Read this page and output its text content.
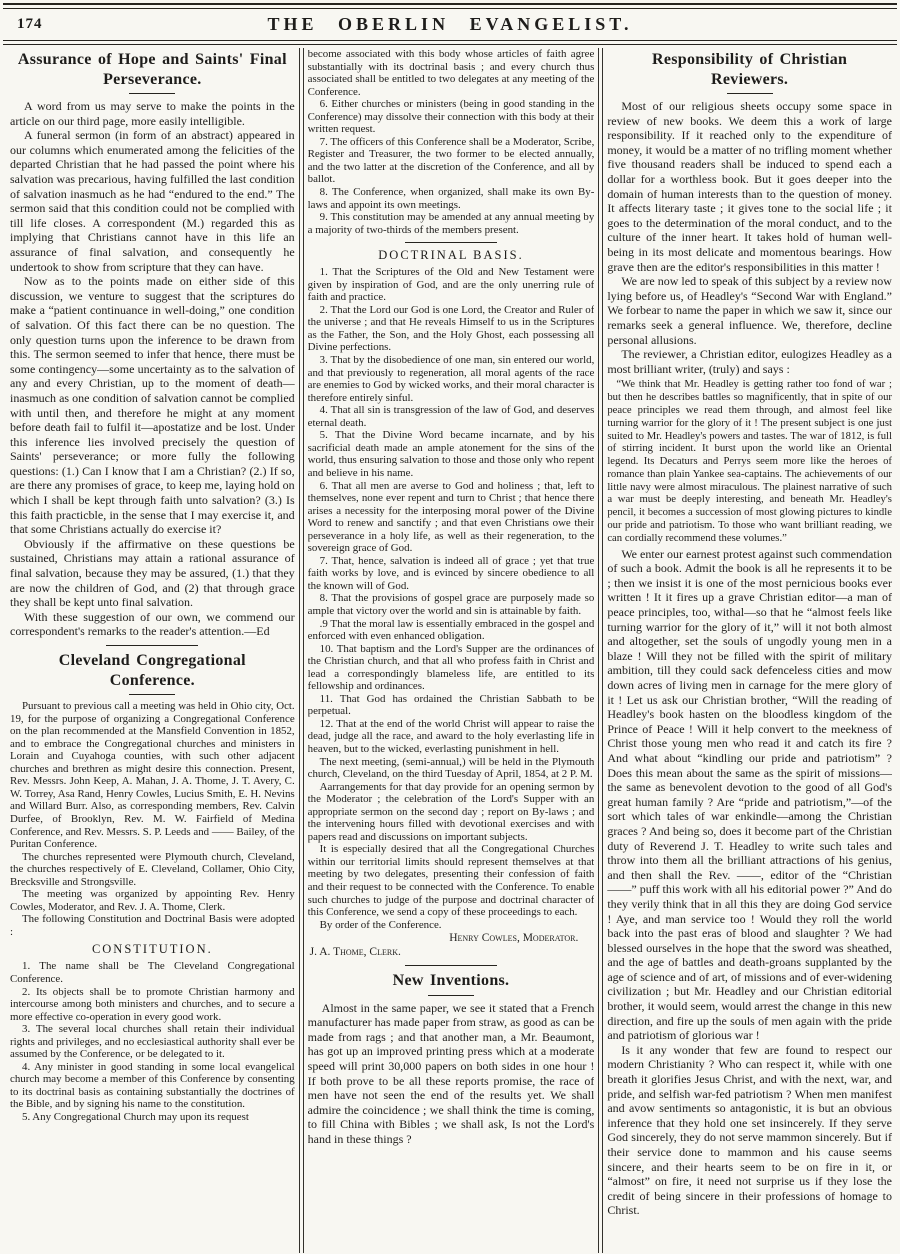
174	THE OBERLIN EVANGELIST.
Assurance of Hope and Saints' Final Perseverance.

A word from us may serve to make the points in the article on our third page, more easily intelligible.

A funeral sermon (in form of an abstract) appeared in our columns which enumerated among the felicities of the departed Christian that he had passed the point where his salvation was precarious, having fulfilled the last condition of salvation inasmuch as he had “endured to the end.” The sermon said that this condition could not be complied with till life closes. A correspondent (M.) regarded this as implying that Christians cannot have in this life an assurance of final salvation, and consequently he undertook to show from scripture that they can have.

Now as to the points made on either side of this discussion, we venture to suggest that the scriptures do make a “patient continuance in well-doing,” one condition of salvation. Of this fact there can be no question. The only question turns upon the inference to be drawn from this. The sermon seemed to infer that hence, there must be some contingency—some uncertainty as to the salvation of any and every Christian, up to the moment of death—inasmuch as one condition of salvation cannot be complied with until then, and therefore he might at any moment before death fail to fulfil it—apostatize and be lost. Under this inference lies involved precisely the question of Saints' perseverance; or more fully the following questions: (1.) Can I know that I am a Christian? (2.) If so, are there any promises of grace, to keep me, laying hold on which I shall be kept through faith unto salvation? (3.) Is this faith practicble, in the sense that I may exercise it, and that some Christians actually do exercise it?

Obviously if the affirmative on these questions be sustained, Christians may attain a rational assurance of final salvation, because they may be assured, (1.) that they are now the children of God, and (2) that through grace they shall be kept unto final salvation.

With these suggestion of our own, we commend our correspondent's remarks to the reader's attention.—Ed

Cleveland Congregational Conference.

Pursuant to previous call a meeting was held in Ohio city, Oct. 19, for the purpose of organizing a Congregational Conference on the plan recommended at the Mansfield Convention in 1852, and to embrace the Congregational churches and ministers in Lorain and Cuyahoga counties, with such other adjacent churches and brethren as might desire this connection. Present, Rev. Messrs. John Keep, A. Mahan, J. A. Thome, J. T. Avery, C. W. Torrey, Asa Rand, Henry Cowles, Lucius Smith, E. H. Nevins and Willard Burr. Also, as corresponding members, Rev. Calvin Durfee, of Brooklyn, Rev. M. W. Fairfield of Medina Conference, and Rev. Messrs. S. P. Leeds and —— Bailey, of the Puritan Conference.

The churches represented were Plymouth church, Cleveland, the churches respectively of E. Cleveland, Collamer, Ohio City, Brecksville and Strongsville.

The meeting was organized by appointing Rev. Henry Cowles, Moderator, and Rev. J. A. Thome, Clerk.

The following Constitution and Doctrinal Basis were adopted :

CONSTITUTION.

1. The name shall be The Cleveland Congregational Conference.

2. Its objects shall be to promote Christian harmony and intercourse among both ministers and churches, and to secure a more effective co-operation in every good work.

3. The several local churches shall retain their individual rights and privileges, and no ecclesiastical authority shall ever be assumed by the Conference, or be delegated to it.

4. Any minister in good standing in some local evangelical church may become a member of this Conference by consenting to its doctrinal basis as containing substantially the doctrines of the Bible, and by signing his name to the constitution.

5. Any Congregational Church may upon its request

become associated with this body whose articles of faith agree substantially with its doctrinal basis ; and every church thus associated shall be entitled to two delegates at any meeting of the Conference.

6. Either churches or ministers (being in good standing in the Conference) may dissolve their connection with this body at their written request.

7. The officers of this Conference shall be a Moderator, Scribe, Register and Treasurer, the two former to be elected annually, and the two latter at the discretion of the Conference, and all by ballot.

8. The Conference, when organized, shall make its own By-laws and appoint its own meetings.

9. This constitution may be amended at any annual meeting by a majority of two-thirds of the members present.

DOCTRINAL BASIS.

1. That the Scriptures of the Old and New Testament were given by inspiration of God, and are the only unerring rule of faith and practice.

2. That the Lord our God is one Lord, the Creator and Ruler of the universe ; and that He reveals Himself to us in the Scriptures as the Father, the Son, and the Holy Ghost, each possessing all Divine perfections.

3. That by the disobedience of one man, sin entered our world, and that previously to regeneration, all moral agents of the race are enemies to God by wicked works, and their moral character is therefore entirely sinful.

4. That all sin is transgression of the law of God, and deserves eternal death.

5. That the Divine Word became incarnate, and by his sacrificial death made an ample atonement for the sins of the world, thus ensuring salvation to those and those only who repent and believe in his name.

6. That all men are averse to God and holiness ; that, left to themselves, none ever repent and turn to Christ ; that hence there arises a necessity for the interposing moral power of the Divine Word to renew and sanctify ; and that even Christians owe their perseverance in a holy life, as well as their regeneration, to the sovereign grace of God.

7. That, hence, salvation is indeed all of grace ; yet that true faith works by love, and is evinced by sincere obedience to all the known will of God.

8. That the provisions of gospel grace are purposely made so ample that victory over the world and sin is attainable by faith.

.9 That the moral law is essentially embraced in the gospel and enforced with even enhanced obligation.

10. That baptism and the Lord's Supper are the ordinances of the Christian church, and that all who profess faith in Christ and lead a correspondingly blameless life, are entitled to its fellowship and ordinances.

11. That God has ordained the Christian Sabbath to be perpetual.

12. That at the end of the world Christ will appear to raise the dead, judge all the race, and award to the holy everlasting life in heaven, but to the wicked, everlasting punishment in hell.

The next meeting, (semi-annual,) will be held in the Plymouth church, Cleveland, on the third Tuesday of April, 1854, at 2 P. M.

Aarrangements for that day provide for an opening sermon by the Moderator ; the celebration of the Lord's Supper with an appropriate sermon on the second day ; report on By-laws ; and the intervening hours filled with devotional exercises and with papers read and discussions on important subjects.

It is especially desired that all the Congregational Churches within our territorial limits should represent themselves at that meeting by two delegates, presenting their confession of faith and their request to be connected with the Conference. To enable such churches to judge of the purpose and doctrinal character of this Conference, we send a copy of these proceedings to each.

By order of the Conference.

Henry Cowles, Moderator.

J. A. Thome, Clerk.

New Inventions.

Almost in the same paper, we see it stated that a French manufacturer has made paper from straw, as good as can be made from rags ; and that another man, a Mr. Beaumont, has got up an improved printing press which at a moderate speed will print 30,000 papers on both sides in one hour ! If both prove to be all these reports promise, the race of men have not seen the end of the results yet. We shall admire the coincidence ; we shall think the time is coming, to fill China with Bibles ; we shall ask, Is not the Lord's hand in these things ?

Responsibility of Christian Reviewers.

Most of our religious sheets occupy some space in review of new books. We deem this a work of large responsibility. If it reached only to the expenditure of money, it would be a matter of no trifling moment whether five thousand readers shall be induced to spend each a dollar for a worthless book. But it goes deeper into the domain of human interests than to the question of money. It affects literary taste ; it gives tone to the social life ; it goes to the determination of the moral conduct, and to the culture of the inner heart. It takes hold of human well-being in its most delicate and momentous bearings. How grave then are the editor's responsibilities in this matter !

We are now led to speak of this subject by a review now lying before us, of Headley's “Second War with England.” We forbear to name the paper in which we saw it, since our remarks seek a general influence. We, therefore, decline personal allusions.

The reviewer, a Christian editor, eulogizes Headley as a most brilliant writer, (truly) and says :

“We think that Mr. Headley is getting rather too fond of war ; but then he describes battles so magnificently, that in spite of our peace principles we read them through, and almost feel like turning warrior for the glory of it ! The present subject is one just suited to Mr. Headley's powers and tastes. The war of 1812, is full of stirring incident. It burst upon the world like an Oriental legend. Its Decaturs and Perrys seem more like the heroes of romance than plain Yankee sea-captains. The achievements of our little navy were almost miraculous. The plainest narrative of such a war must be deeply interesting, and beneath Mr. Headley's pencil, it becomes a succession of most glowing pictures to kindle our pride and patriotism. To those who want brilliant reading, we can cordially recommend these volumes.”

We enter our earnest protest against such commendation of such a book. Admit the book is all he represents it to be ; then we insist it is one of the most pernicious books ever written ! It it fires up a grave Christian editor—a man of peace principles, too, withal—so that he “almost feels like turning warrior for the glory of it,” will it not both almost and altogether, set the souls of ungodly young men in a blaze ! Will they not be filled with the spirit of military ambition, till they could sack defenceless cities and mow down acres of living men in carnage for the mere glory of it ! Let us ask our Christian brother, “Will the reading of Headley's book hasten on the bloodless kingdom of the Prince of Peace ! Will it help convert to the meekness of Christ those young men who read it and catch its fire ? And what about “kindling our pride and patriotism” ? Does this mean about the same as the spirit of missions—the same as benevolent devotion to the good of all God's great human family ? Are “pride and patriotism,”—of the sort which tales of war enkindle—among the Christian graces ? And being so, does it become part of the Christian duty of Reverend J. T. Headley to write such tales and throw into them all the brilliant attractions of his genius, and then shall the Rev. ——, editor of the “Christian ——” puff this work with all his editorial power ?” And do they verily think that in all this they are doing God service ! Aye, and man service too ! Would they roll the world back into the past eras of blood and slaughter ? We had blessed ourselves in the hope that the sword was sheathed, and the age of battles and death-groans supplanted by the age of science and of art, of missions and of ever-widening civilization ; but Mr. Headley and our Christian editorial brother, it would seem, would arrest the change in this new direction, and fire up the souls of men again with the pride and patriotism of glorious war !

Is it any wonder that few are found to respect our modern Christianity ? Who can respect it, while with one breath it glorifies Jesus Christ, and with the next, war, and pride, and selfish war-fed patriotism ? When men manifest and avow sentiments so antagonistic, it is but an obvious inference that they hold one set insincerely. If they serve God sincerely, they do not serve mammon sincerely. But if their service done to mammon and his cause seems sincere, and their hearts seem to be on fire in it, or “almost” on fire, it need not surprise us if they lose the credit of being sincere in their professions of homage to Christ.
